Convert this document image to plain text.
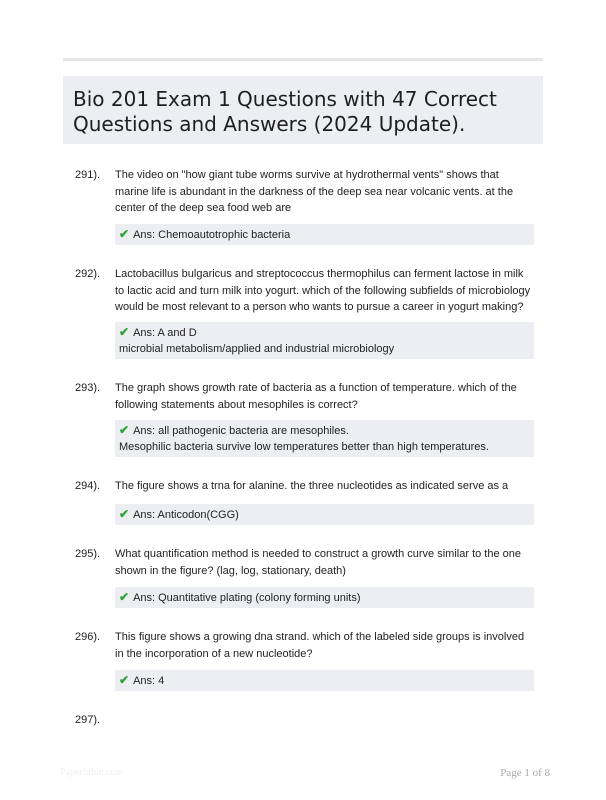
Bio 201 Exam 1 Questions with 47 Correct Questions and Answers (2024 Update).
291). The video on "how giant tube worms survive at hydrothermal vents" shows that marine life is abundant in the darkness of the deep sea near volcanic vents. at the center of the deep sea food web are

✔ Ans: Chemoautotrophic bacteria
292). Lactobacillus bulgaricus and streptococcus thermophilus can ferment lactose in milk to lactic acid and turn milk into yogurt. which of the following subfields of microbiology would be most relevant to a person who wants to pursue a career in yogurt making?

✔ Ans: A and D
microbial metabolism/applied and industrial microbiology
293). The graph shows growth rate of bacteria as a function of temperature. which of the following statements about mesophiles is correct?

✔ Ans: all pathogenic bacteria are mesophiles.
Mesophilic bacteria survive low temperatures better than high temperatures.
294). The figure shows a trna for alanine. the three nucleotides as indicated serve as a

✔ Ans: Anticodon(CGG)
295). What quantification method is needed to construct a growth curve similar to the one shown in the figure? (lag, log, stationary, death)

✔ Ans: Quantitative plating (colony forming units)
296). This figure shows a growing dna strand. which of the labeled side groups is involved in the incorporation of a new nucleotide?

✔ Ans: 4
297).
Paperlitbic.com	Page 1 of 8
